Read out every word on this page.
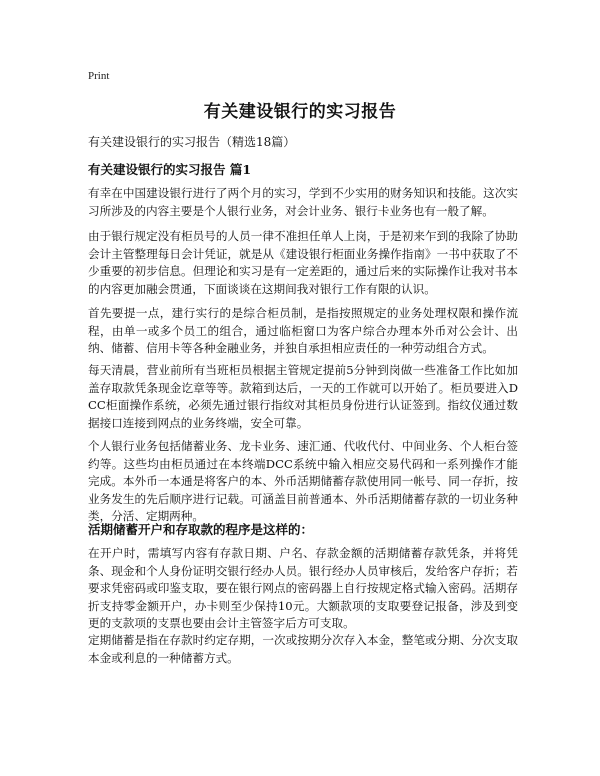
Print
有关建设银行的实习报告
有关建设银行的实习报告（精选18篇）
有关建设银行的实习报告 篇1
有幸在中国建设银行进行了两个月的实习，学到不少实用的财务知识和技能。这次实习所涉及的内容主要是个人银行业务，对会计业务、银行卡业务也有一般了解。
由于银行规定没有柜员号的人员一律不准担任单人上岗，于是初来乍到的我除了协助会计主管整理每日会计凭证，就是从《建设银行柜面业务操作指南》一书中获取了不少重要的初步信息。但理论和实习是有一定差距的，通过后来的实际操作让我对书本的内容更加融会贯通，下面谈谈在这期间我对银行工作有限的认识。
首先要提一点，建行实行的是综合柜员制，是指按照规定的业务处理权限和操作流程，由单一或多个员工的组合，通过临柜窗口为客户综合办理本外币对公会计、出纳、储蓄、信用卡等各种金融业务，并独自承担相应责任的一种劳动组合方式。
每天清晨，营业前所有当班柜员根据主管规定提前5分钟到岗做一些准备工作比如加盖存取款凭条现金讫章等等。款箱到达后，一天的工作就可以开始了。柜员要进入DCC柜面操作系统，必须先通过银行指纹对其柜员身份进行认证签到。指纹仪通过数据接口连接到网点的业务终端，安全可靠。
个人银行业务包括储蓄业务、龙卡业务、速汇通、代收代付、中间业务、个人柜台签约等。这些均由柜员通过在本终端DCC系统中输入相应交易代码和一系列操作才能完成。本外币一本通是将客户的本、外币活期储蓄存款使用同一帐号、同一存折，按业务发生的先后顺序进行记载。可涵盖目前普通本、外币活期储蓄存款的一切业务种类，分活、定期两种。
活期储蓄开户和存取款的程序是这样的：
在开户时，需填写内容有存款日期、户名、存款金额的活期储蓄存款凭条，并将凭条、现金和个人身份证明交银行经办人员。银行经办人员审核后，发给客户存折；若要求凭密码或印鉴支取，要在银行网点的密码器上自行按规定格式输入密码。活期存折支持零金额开户，办卡则至少保持10元。大额款项的支取要登记报备，涉及到变更的支款项的支票也要由会计主管签字后方可支取。
定期储蓄是指在存款时约定存期，一次或按期分次存入本金，整笔或分期、分次支取本金或利息的一种储蓄方式。
